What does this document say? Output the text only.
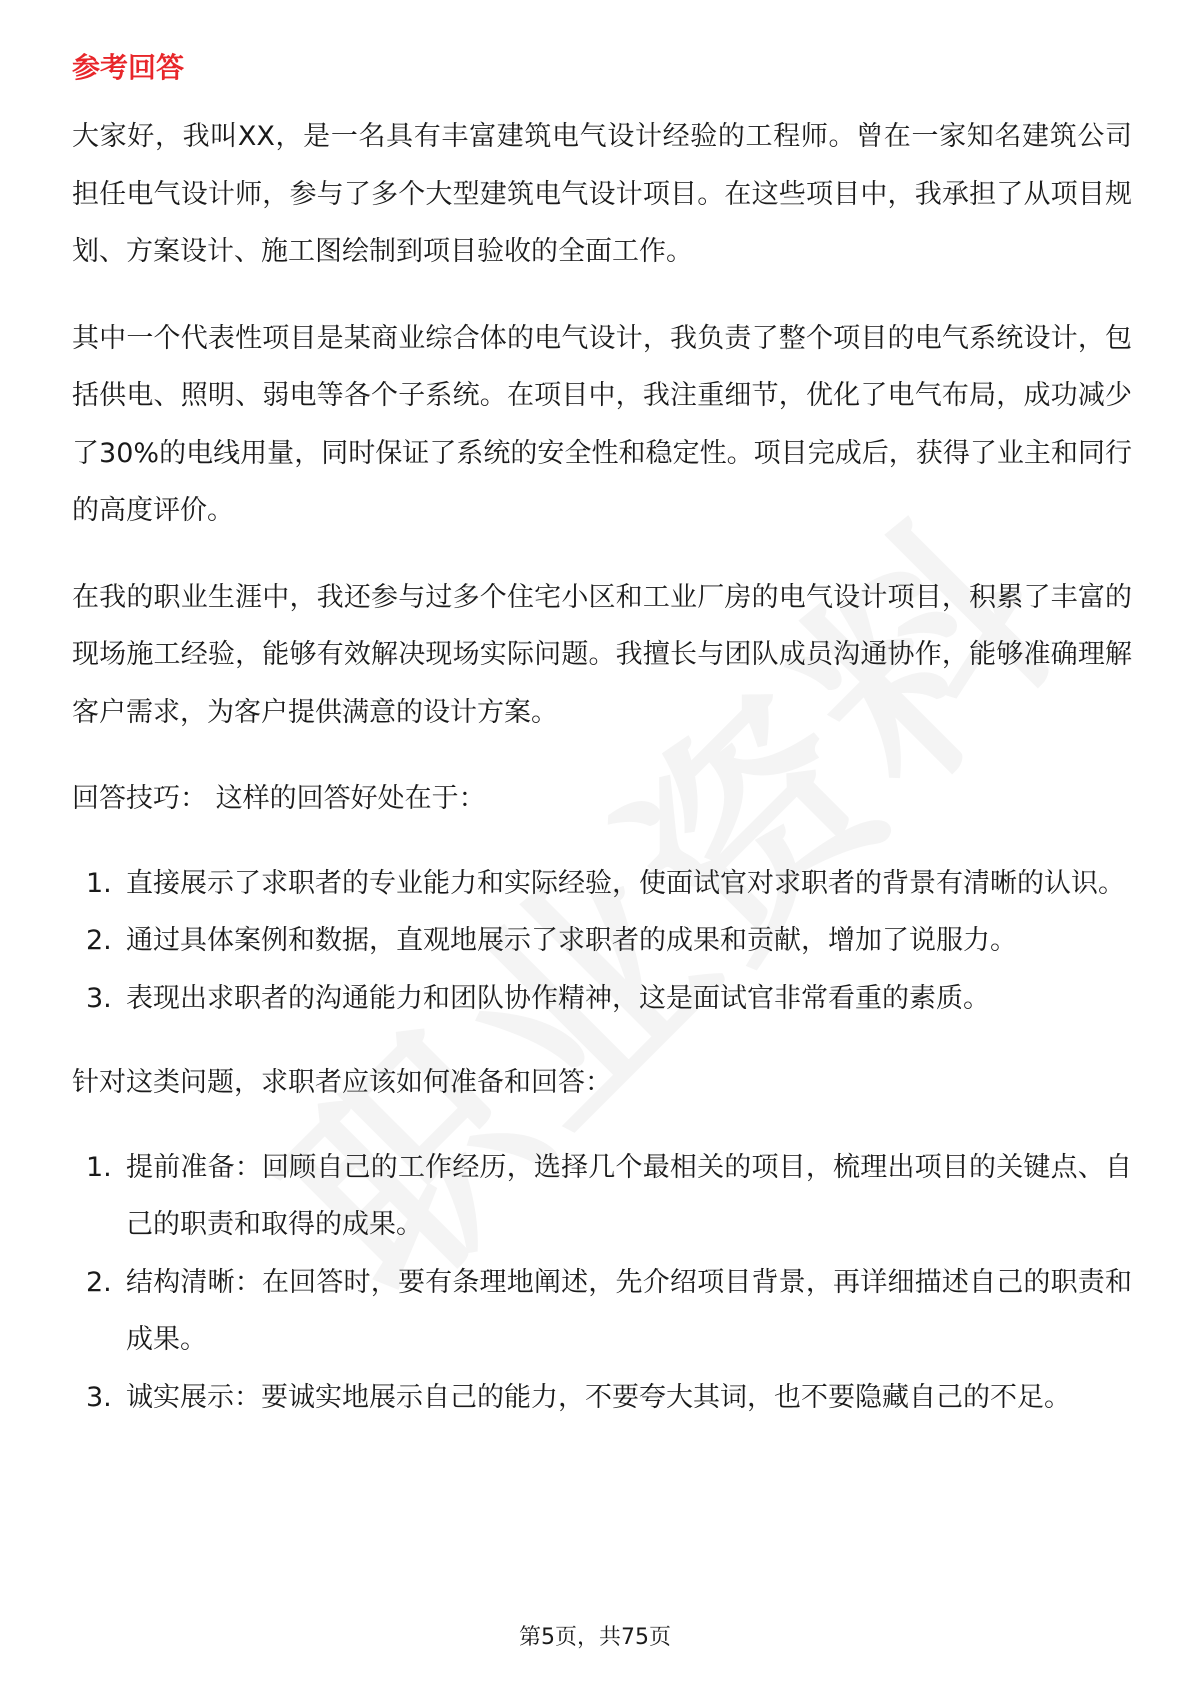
参考回答

大家好，我叫XX，是一名具有丰富建筑电气设计经验的工程师。曾在一家知名建筑公司担任电气设计师，参与了多个大型建筑电气设计项目。在这些项目中，我承担了从项目规划、方案设计、施工图绘制到项目验收的全面工作。

其中一个代表性项目是某商业综合体的电气设计，我负责了整个项目的电气系统设计，包括供电、照明、弱电等各个子系统。在项目中，我注重细节，优化了电气布局，成功减少了30%的电线用量，同时保证了系统的安全性和稳定性。项目完成后，获得了业主和同行的高度评价。

在我的职业生涯中，我还参与过多个住宅小区和工业厂房的电气设计项目，积累了丰富的现场施工经验，能够有效解决现场实际问题。我擅长与团队成员沟通协作，能够准确理解客户需求，为客户提供满意的设计方案。

回答技巧： 这样的回答好处在于：

1. 直接展示了求职者的专业能力和实际经验，使面试官对求职者的背景有清晰的认识。
2. 通过具体案例和数据，直观地展示了求职者的成果和贡献，增加了说服力。
3. 表现出求职者的沟通能力和团队协作精神，这是面试官非常看重的素质。

针对这类问题，求职者应该如何准备和回答：

1. 提前准备：回顾自己的工作经历，选择几个最相关的项目，梳理出项目的关键点、自己的职责和取得的成果。
2. 结构清晰：在回答时，要有条理地阐述，先介绍项目背景，再详细描述自己的职责和成果。
3. 诚实展示：要诚实地展示自己的能力，不要夸大其词，也不要隐藏自己的不足。
第5页，共75页
